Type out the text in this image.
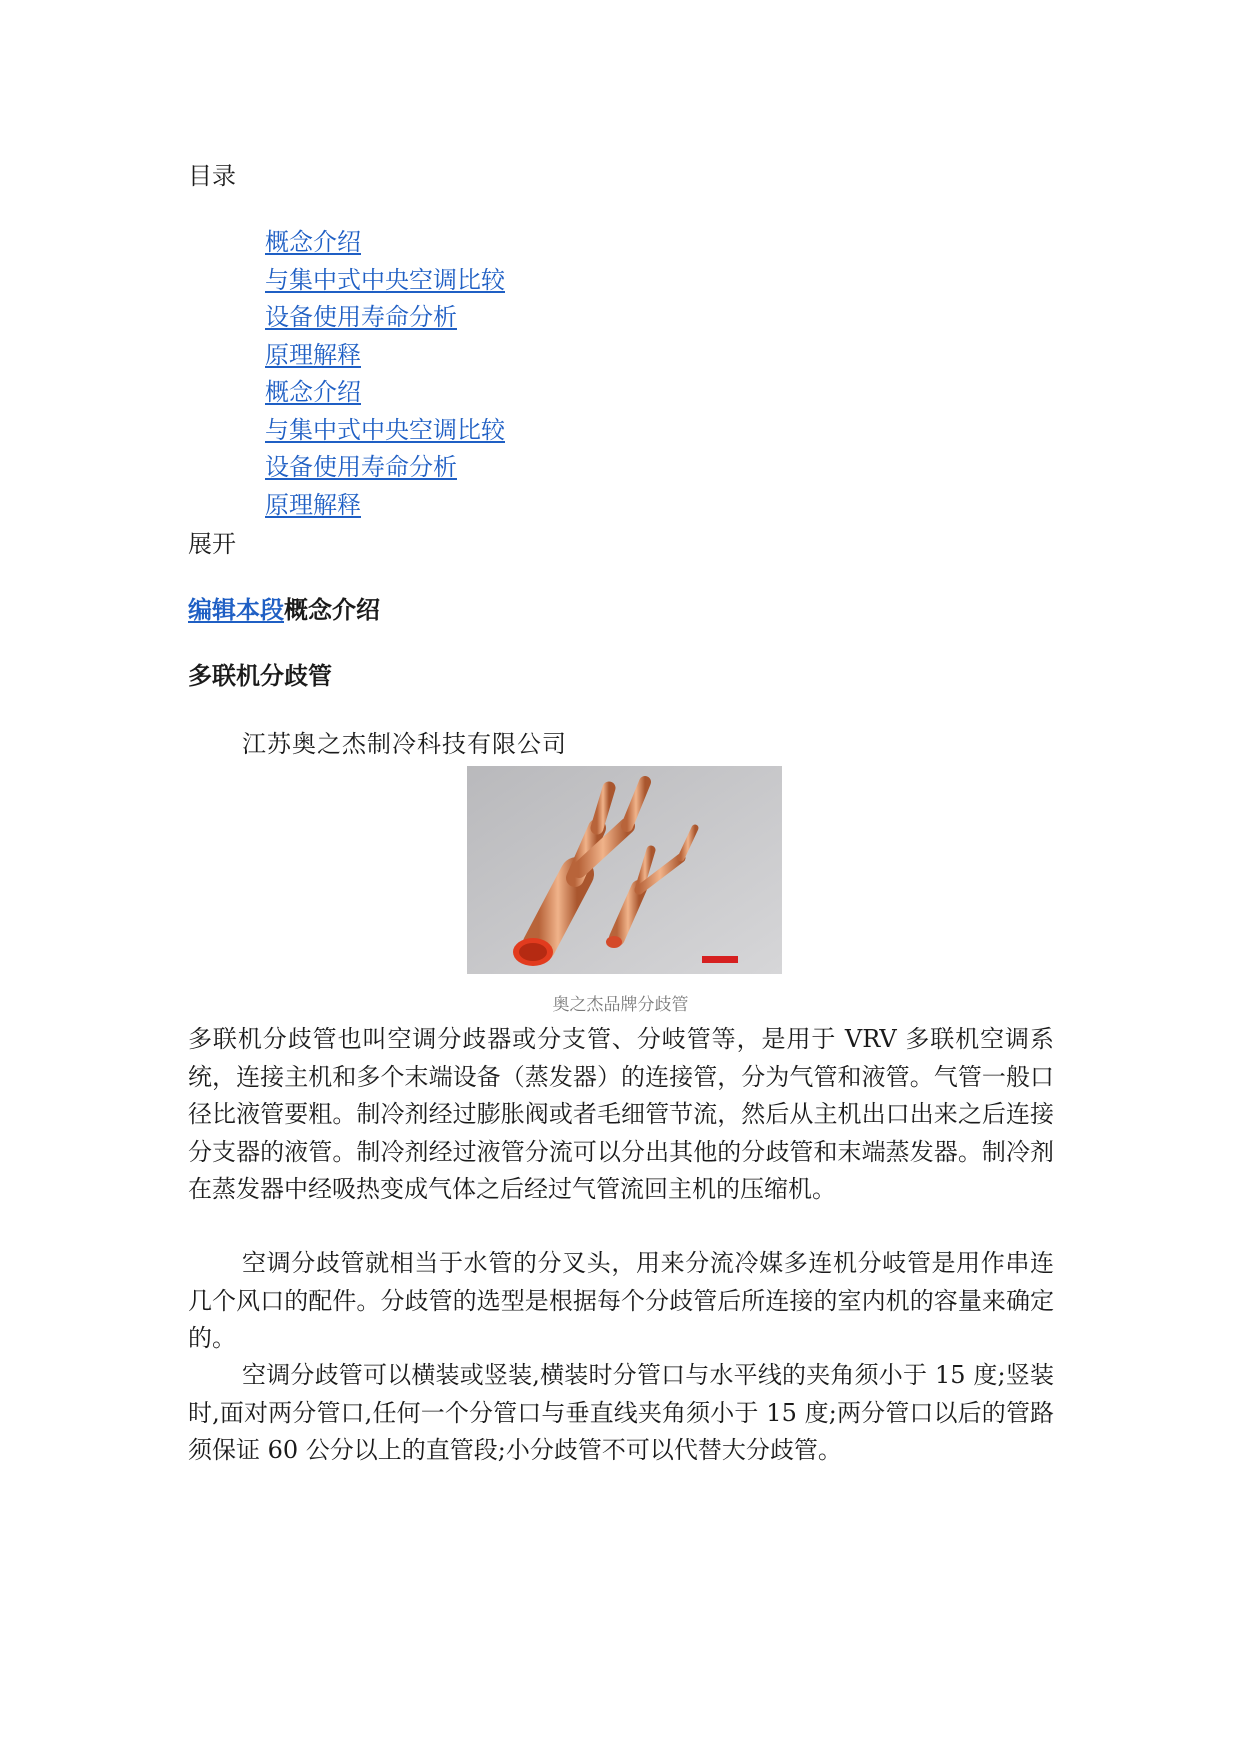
目录
概念介绍
与集中式中央空调比较
设备使用寿命分析
原理解释
概念介绍
与集中式中央空调比较
设备使用寿命分析
原理解释
展开
编辑本段概念介绍
多联机分歧管
江苏奥之杰制冷科技有限公司
奥之杰品牌分歧管

多联机分歧管也叫空调分歧器或分支管、分岐管等，是用于 VRV 多联机空调系统，连接主机和多个末端设备（蒸发器）的连接管，分为气管和液管。气管一般口径比液管要粗。制冷剂经过膨胀阀或者毛细管节流，然后从主机出口出来之后连接分支器的液管。制冷剂经过液管分流可以分出其他的分歧管和末端蒸发器。制冷剂在蒸发器中经吸热变成气体之后经过气管流回主机的压缩机。

空调分歧管就相当于水管的分叉头，用来分流冷媒多连机分岐管是用作串连几个风口的配件。分歧管的选型是根据每个分歧管后所连接的室内机的容量来确定的。

空调分歧管可以横装或竖装,横装时分管口与水平线的夹角须小于 15 度;竖装时,面对两分管口,任何一个分管口与垂直线夹角须小于 15 度;两分管口以后的管路须保证 60 公分以上的直管段;小分歧管不可以代替大分歧管。
